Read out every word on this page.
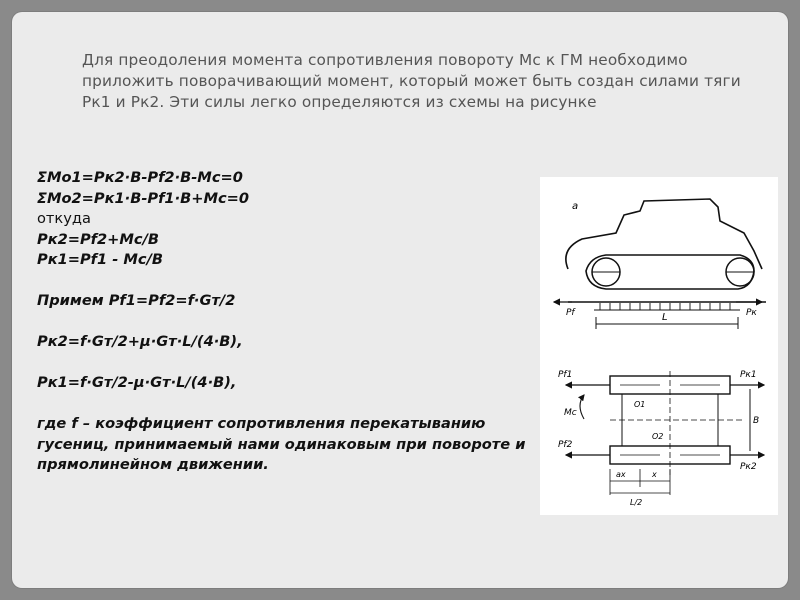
Для преодоления момента сопротивления повороту Мс к ГМ необходимо приложить поворачивающий момент, который может быть создан силами тяги Рк1 и Рк2. Эти силы легко определяются из схемы на рисунке

ΣМо1=Рк2·В-Рf2·В-Мс=0
ΣМо2=Рк1·В-Рf1·В+Мс=0
откуда
Рк2=Рf2+Мс/В
Рк1=Рf1 - Мс/В
Примем Рf1=Рf2=f·Gт/2
Рк2=f·Gт/2+μ·Gт·L/(4·В),
Рк1=f·Gт/2-μ·Gт·L/(4·В),
где f – коэффициент сопротивления перекатыванию гусениц, принимаемый нами одинаковым при повороте и прямолинейном движении.
а
Pf	Pк
L
Pf1
Pf2
Pк1
Pк2
Mc
O1
O2
B
ax	x
L/2
